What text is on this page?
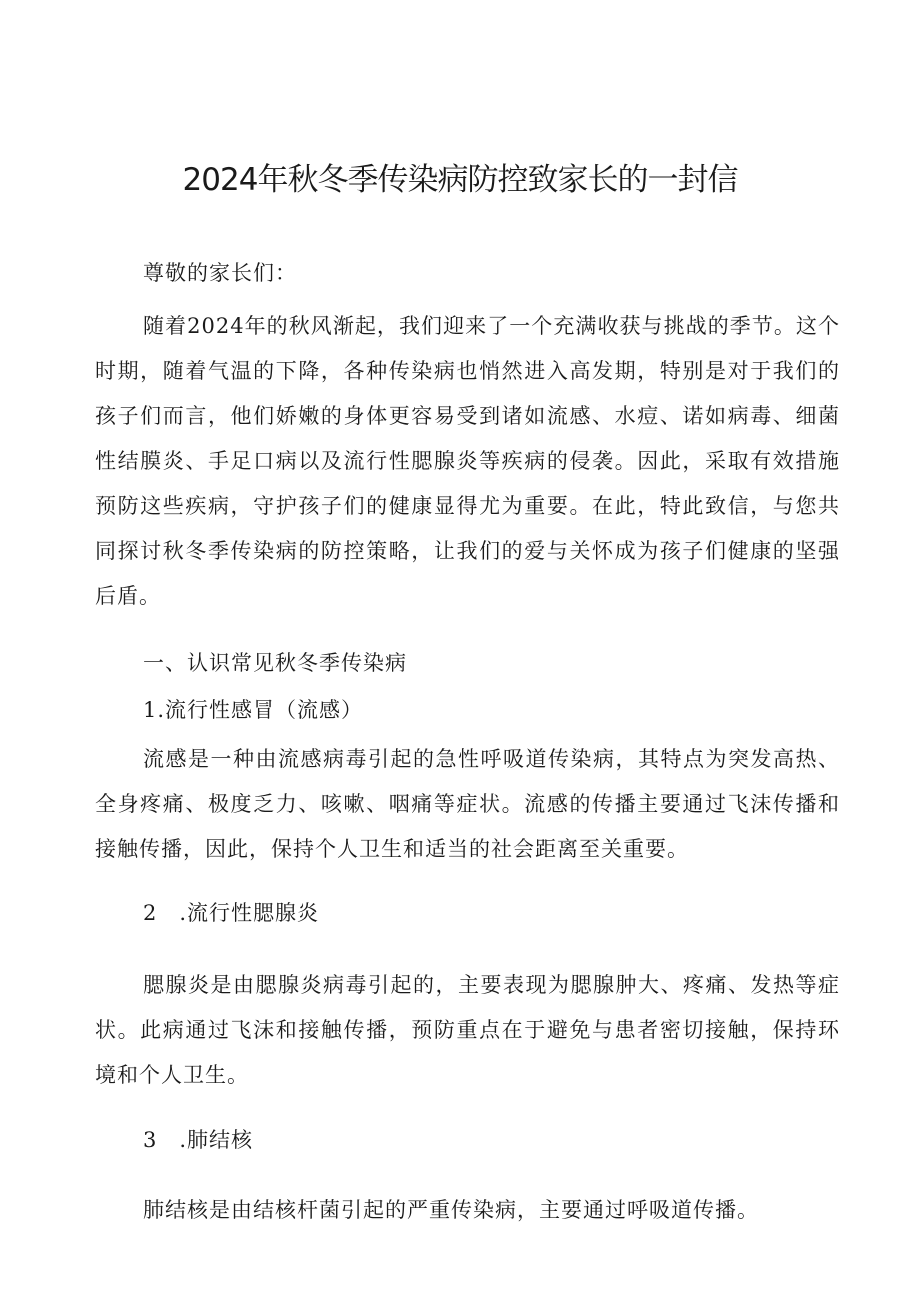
2024年秋冬季传染病防控致家长的一封信

尊敬的家长们：

随着2024年的秋风渐起，我们迎来了一个充满收获与挑战的季节。这个时期，随着气温的下降，各种传染病也悄然进入高发期，特别是对于我们的孩子们而言，他们娇嫩的身体更容易受到诸如流感、水痘、诺如病毒、细菌性结膜炎、手足口病以及流行性腮腺炎等疾病的侵袭。因此，采取有效措施预防这些疾病，守护孩子们的健康显得尤为重要。在此，特此致信，与您共同探讨秋冬季传染病的防控策略，让我们的爱与关怀成为孩子们健康的坚强后盾。

一、认识常见秋冬季传染病

1.流行性感冒（流感）

流感是一种由流感病毒引起的急性呼吸道传染病，其特点为突发高热、全身疼痛、极度乏力、咳嗽、咽痛等症状。流感的传播主要通过飞沫传播和接触传播，因此，保持个人卫生和适当的社会距离至关重要。

2　.流行性腮腺炎

腮腺炎是由腮腺炎病毒引起的，主要表现为腮腺肿大、疼痛、发热等症状。此病通过飞沫和接触传播，预防重点在于避免与患者密切接触，保持环境和个人卫生。

3　.肺结核

肺结核是由结核杆菌引起的严重传染病，主要通过呼吸道传播。
